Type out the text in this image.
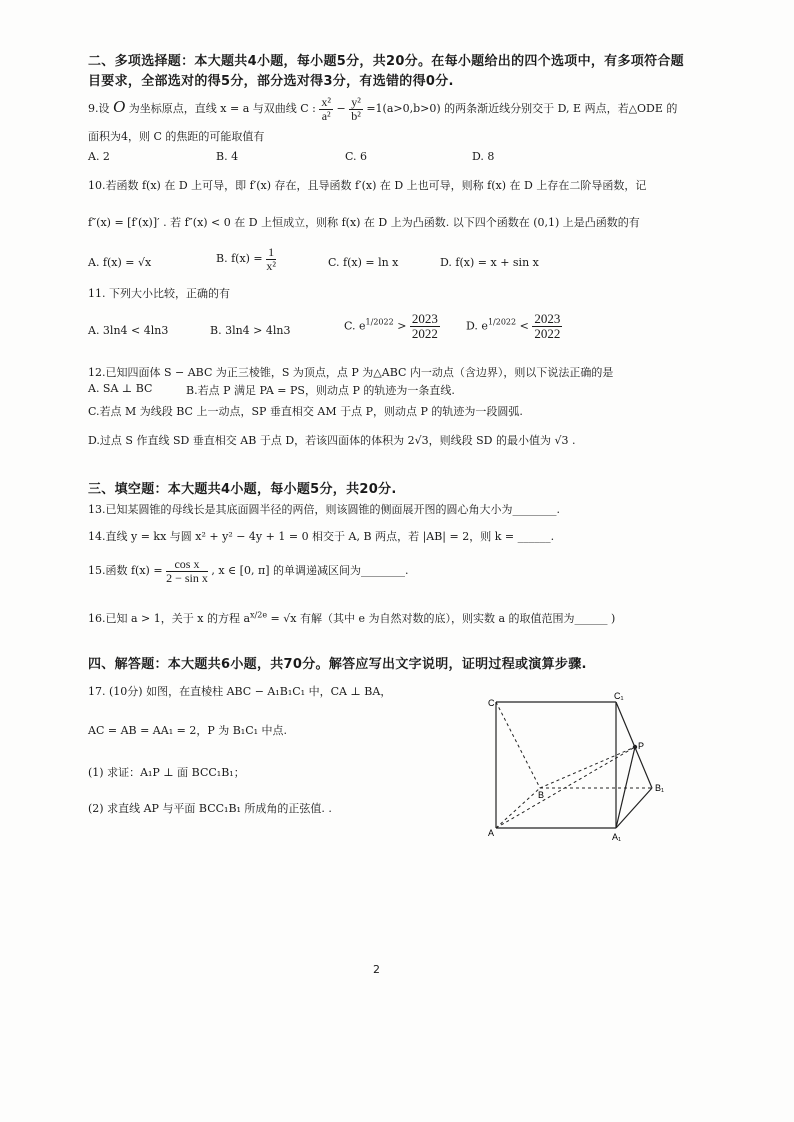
二、多项选择题：本大题共4小题，每小题5分，共20分。在每小题给出的四个选项中，有多项符合题
目要求，全部选对的得5分，部分选对得3分，有选错的得0分.
9.设 O 为坐标原点，直线 x = a 与双曲线 C : $\frac{\text{x²}}{\text{a²}} - \frac{\text{y²}}{\text{b²}} =1(a>0,b>0)$ 的两条渐近线分别交于 D, E 两点，若△ODE 的
面积为4，则 C 的焦距的可能取值有
A. 2	B. 4	C. 6	D. 8
10.若函数 f(x) 在 D 上可导，即 f′(x) 存在，且导函数 f′(x) 在 D 上也可导，则称 f(x) 在 D 上存在二阶导函数，记
f″(x) = [f′(x)]′ . 若 f″(x) < 0 在 D 上恒成立，则称 f(x) 在 D 上为凸函数. 以下四个函数在 (0,1) 上是凸函数的有
A. f(x) = √x	B. $f(x) = \frac{1}{\text{x²}}$	C. f(x) = ln x	D. f(x) = x + sin x
11. 下列大小比较，正确的有
A. 3ln4 < 4ln3	B. 3ln4 > 4ln3	C. $e^{1/2022} > \frac{2023}{2022} D$. $e^{1/2022} < \frac{2023}{2022}$
12.已知四面体 S − ABC 为正三棱锥，S 为顶点，点 P 为△ABC 内一动点（含边界），则以下说法正确的是
A. SA ⊥ BC	B.若点 P 满足 PA = PS，则动点 P 的轨迹为一条直线.
C.若点 M 为线段 BC 上一动点，SP 垂直相交 AM 于点 P，则动点 P 的轨迹为一段圆弧.
D.过点 S 作直线 SD 垂直相交 AB 于点 D，若该四面体的体积为 2√3，则线段 SD 的最小值为 √3 .
三、填空题：本大题共4小题，每小题5分，共20分.
13.已知某圆锥的母线长是其底面圆半径的两倍，则该圆锥的侧面展开图的圆心角大小为________.
14.直线 y = kx 与圆 x² + y² − 4y + 1 = 0 相交于 A, B 两点，若 |AB| = 2，则 k = ______.
15.函数 $f(x) = \frac{\text{cos x}}{\text{2 − sin x}}$ , x ∈ [0, π] 的单调递减区间为________.
16.已知 a > 1，关于 x 的方程 $a^{x/2e} = √x$ 有解（其中 e 为自然对数的底），则实数 a 的取值范围为______ )
四、解答题：本大题共6小题，共70分。解答应写出文字说明，证明过程或演算步骤.
17. (10分) 如图，在直棱柱 ABC − A₁B₁C₁ 中，CA ⊥ BA，
AC = AB = AA₁ = 2，P 为 B₁C₁ 中点.
(1) 求证：A₁P ⊥ 面 BCC₁B₁；
(2) 求直线 AP 与平面 BCC₁B₁ 所成角的正弦值. .
C
C₁
P
B
B₁
A	A₁
2
